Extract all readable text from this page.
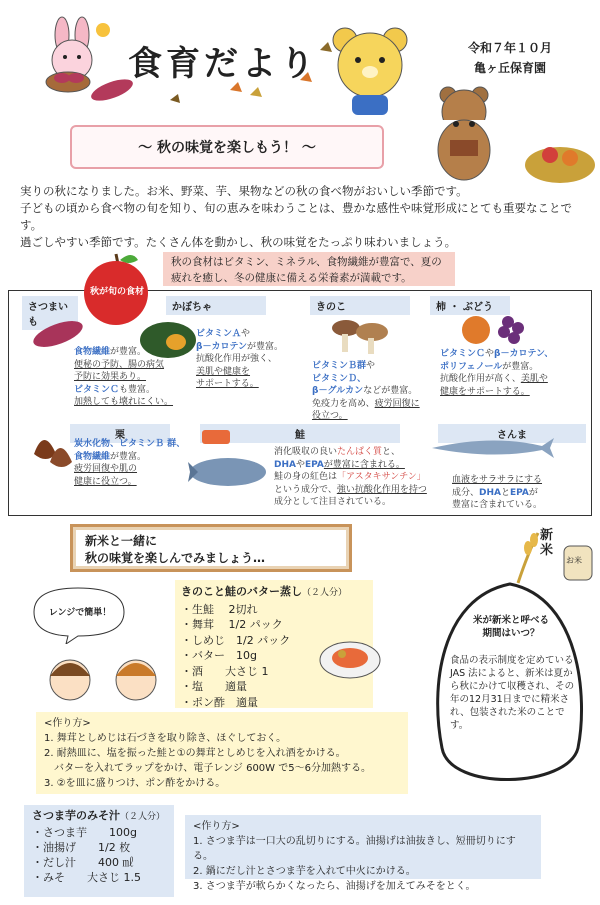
食育だより	令和７年１０月
亀ヶ丘保育園
～ 秋の味覚を楽しもう！ ～
実りの秋になりました。お米、野菜、芋、果物などの秋の食べ物がおいしい季節です。
子どもの頃から食べ物の旬を知り、旬の恵みを味わうことは、豊かな感性や味覚形成にとても重要なことです。
過ごしやすい季節です。たくさん体を動かし、秋の味覚をたっぷり味わいましょう。
秋の食材はビタミン、ミネラル、食物繊維が豊富で、夏の疲れを癒し、冬の健康に備える栄養素が満載です。
秋が旬の食材
さつまいも
食物繊維が豊富。
便秘の予防、腸の病気
予防に効果あり。
ビタミンＣも豊富。
加熱しても壊れにくい。
かぼちゃ
ビタミンＡや
β－カロテンが豊富。
抗酸化作用が強く、
美肌や健康を
サポートする。
きのこ
ビタミンＢ群や
ビタミンＤ、
β－グルカンなどが豊富。
免疫力を高め、疲労回復に
役立つ。
柿 ・ ぶどう
ビタミンＣやβ－カロテン、
ポリフェノールが豊富。
抗酸化作用が高く、美肌や
健康をサポートする。
栗
炭水化物、ビタミンＢ 群、
食物繊維が豊富。
疲労回復や肌の
健康に役立つ。
鮭
消化吸収の良いたんぱく質と、
DHAやEPAが豊富に含まれる。
鮭の身の紅色は「アスタキサンチン」
という成分で、強い抗酸化作用を持つ
成分として注目されている。
さんま
血液をサラサラにする
成分、DHAとEPAが
豊富に含まれている。
新米と一緒に
秋の味覚を楽しんでみましょう…
レンジで簡単！
きのこと鮭のバター蒸し（２人分）
・生鮭　 2切れ
・舞茸　 1/2 パック
・しめじ　1/2 パック
・バター　10g
・酒　　大さじ 1
・塩　　適量
・ポン酢　適量
<作り方>
1. 舞茸としめじは石づきを取り除き、ほぐしておく。
2. 耐熱皿に、塩を振った鮭と①の舞茸としめじを入れ酒をかける。
　バターを入れてラップをかけ、電子レンジ 600W で5～6分加熱する。
3. ②を皿に盛りつけ、ポン酢をかける。
新米
お米
米が新米と呼べる
期間はいつ？
食品の表示制度を定めている JAS 法によると、新米は夏から秋にかけて収穫され、その年の12月31日までに精米され、包装された米のことです。
さつま芋のみそ汁（２人分）
・さつま芋　　100g
・油揚げ　　1/2 枚
・だし汁　　400 ㎖
・みそ　　大さじ 1.5
<作り方>
1. さつま芋は一口大の乱切りにする。油揚げは油抜きし、短冊切りにする。
2. 鍋にだし汁とさつま芋を入れて中火にかける。
3. さつま芋が軟らかくなったら、油揚げを加えてみそをとく。
